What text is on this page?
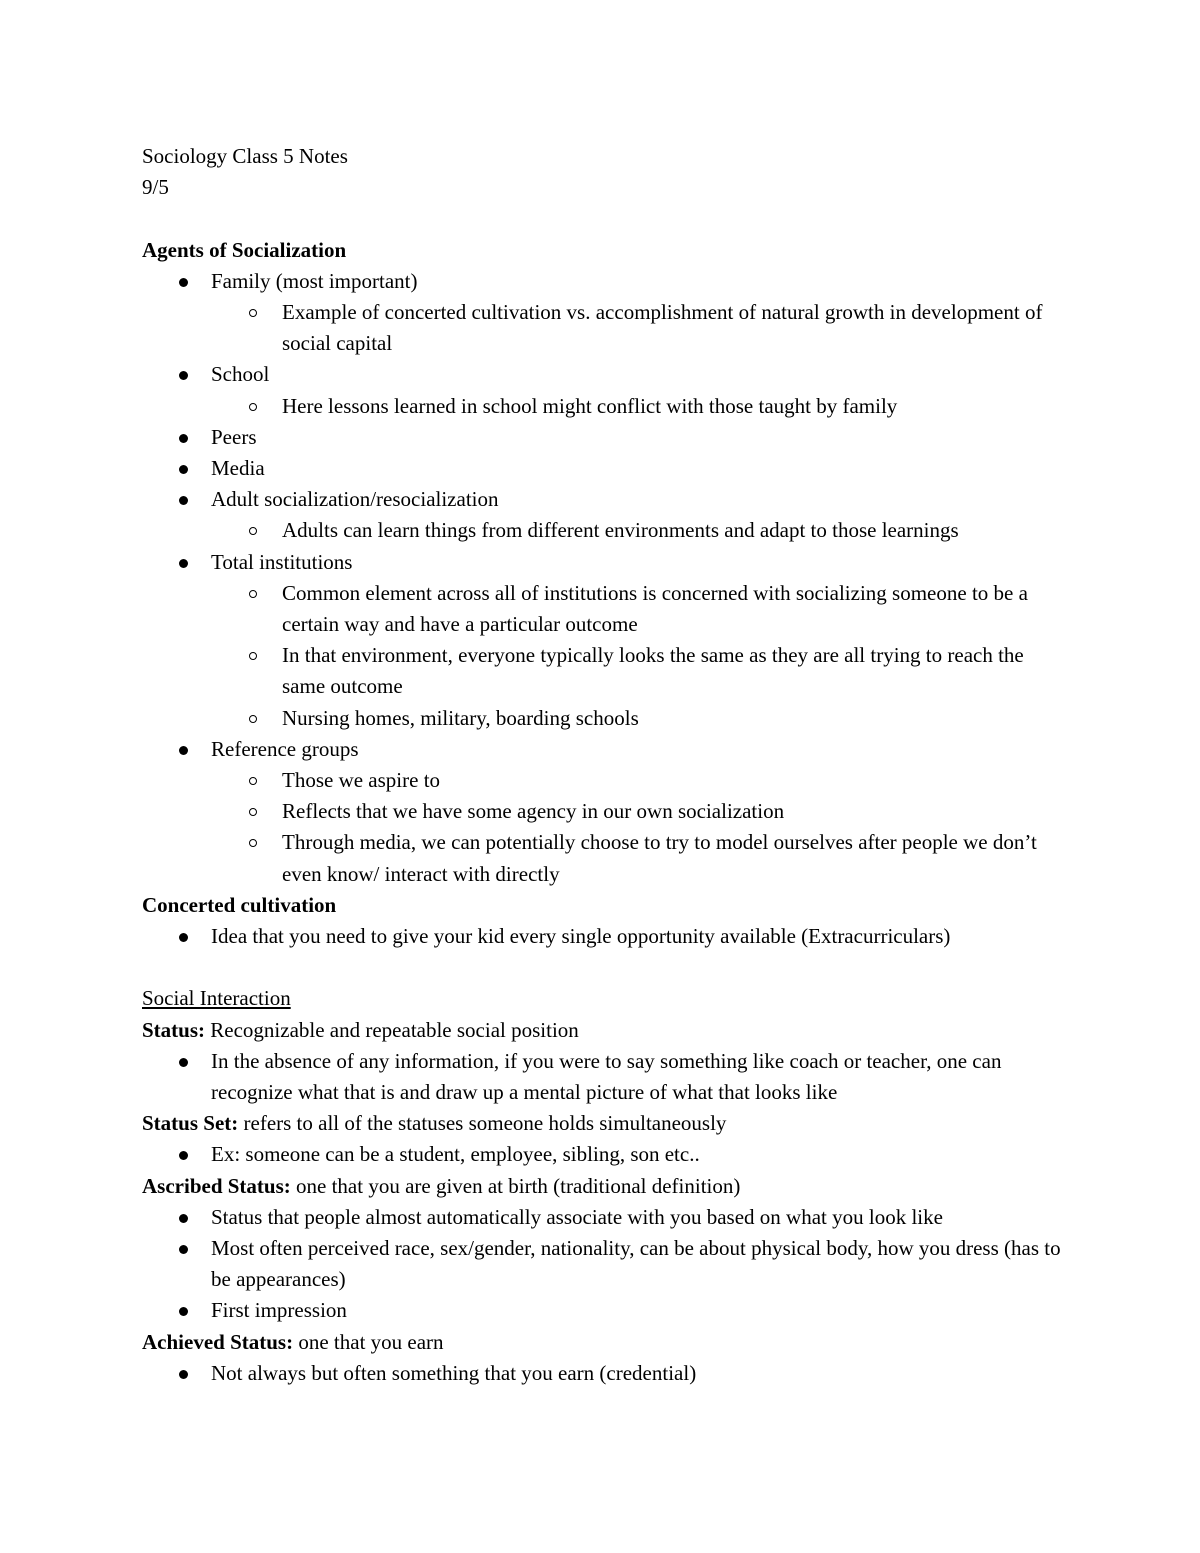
Sociology Class 5 Notes

9/5

Agents of Socialization

Family (most important)
Example of concerted cultivation vs. accomplishment of natural growth in development of social capital
School
Here lessons learned in school might conflict with those taught by family
Peers
Media
Adult socialization/resocialization
Adults can learn things from different environments and adapt to those learnings
Total institutions
Common element across all of institutions is concerned with socializing someone to be a certain way and have a particular outcome
In that environment, everyone typically looks the same as they are all trying to reach the same outcome
Nursing homes, military, boarding schools
Reference groups
Those we aspire to
Reflects that we have some agency in our own socialization
Through media, we can potentially choose to try to model ourselves after people we don’t even know/ interact with directly

Concerted cultivation

Idea that you need to give your kid every single opportunity available (Extracurriculars)

Social Interaction

Status: Recognizable and repeatable social position

In the absence of any information, if you were to say something like coach or teacher, one can recognize what that is and draw up a mental picture of what that looks like

Status Set: refers to all of the statuses someone holds simultaneously

Ex: someone can be a student, employee, sibling, son etc..

Ascribed Status: one that you are given at birth (traditional definition)

Status that people almost automatically associate with you based on what you look like
Most often perceived race, sex/gender, nationality, can be about physical body, how you dress (has to be appearances)
First impression

Achieved Status: one that you earn

Not always but often something that you earn (credential)
